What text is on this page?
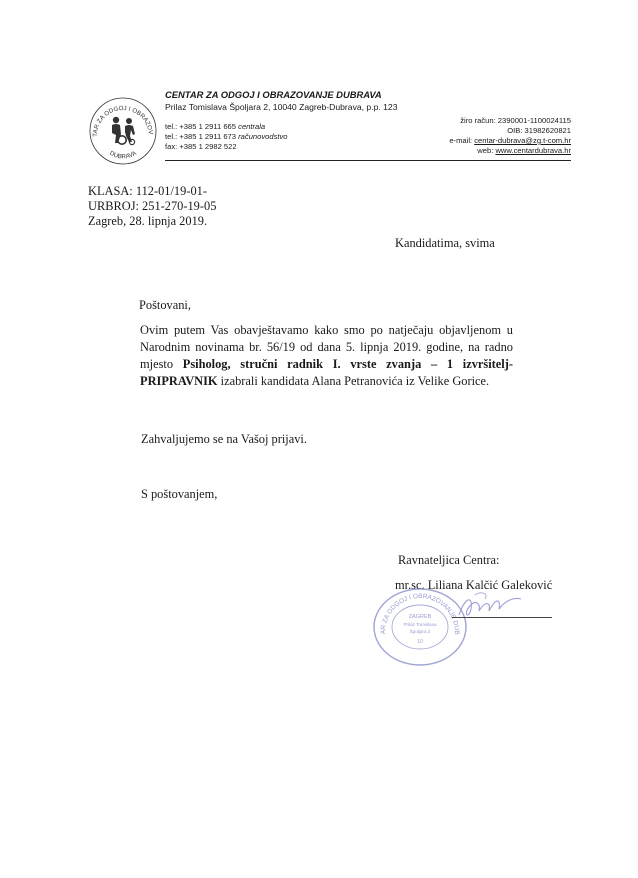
TAR ZA ODGOJ I OBRAZOV
DUBRAVA
CENTAR ZA ODGOJ I OBRAZOVANJE DUBRAVA
Prilaz Tomislava Špoljara 2, 10040 Zagreb-Dubrava, p.p. 123
tel.: +385 1 2911 665 centrala
tel.: +385 1 2911 673 računovodstvo
fax: +385 1 2982 522
žiro račun: 2390001-1100024115
OIB: 31982620821
e-mail: centar-dubrava@zg.t-com.hr
web: www.centardubrava.hr
KLASA: 112-01/19-01-
URBROJ: 251-270-19-05
Zagreb, 28. lipnja 2019.
Kandidatima, svima
Poštovani,
Ovim putem Vas obavještavamo kako smo po natječaju objavljenom u Narodnim novinama br. 56/19 od dana 5. lipnja 2019. godine, na radno mjesto Psiholog, stručni radnik I. vrste zvanja – 1 izvršitelj-PRIPRAVNIK izabrali kandidata Alana Petranovića iz Velike Gorice.
Zahvaljujemo se na Vašoj prijavi.
S poštovanjem,
Ravnateljica Centra:
mr.sc. Liliana Kalčić Galeković
AR ZA ODGOJ I OBRAZOVANJE DUB
ZAGREB
Prilaz Tomislava
Špoljara 2
10
